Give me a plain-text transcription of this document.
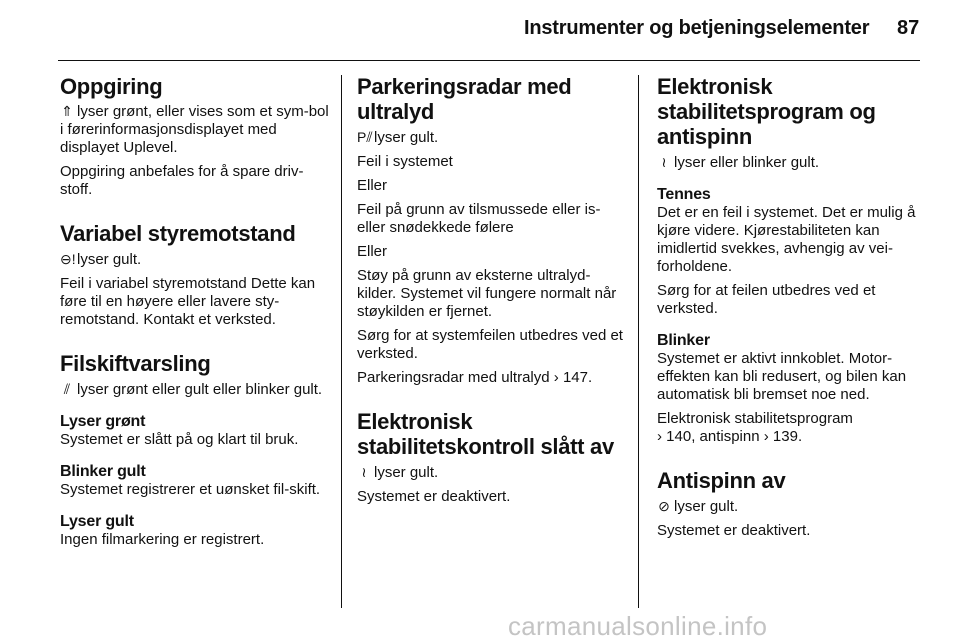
Instrumenter og betjeningselementer 87
Oppgiring

⇑ lyser grønt, eller vises som et sym-bol i førerinformasjonsdisplayet med displayet Uplevel.

Oppgiring anbefales for å spare driv-stoff.

Variabel styremotstand

⊖!lyser gult.

Feil i variabel styremotstand Dette kan føre til en høyere eller lavere sty-remotstand. Kontakt et verksted.

Filskiftvarsling

⫽ lyser grønt eller gult eller blinker gult.

Lyser grønt

Systemet er slått på og klart til bruk.

Blinker gult

Systemet registrerer et uønsket fil-skift.

Lyser gult

Ingen filmarkering er registrert.

Parkeringsradar med ultralyd

P⫽lyser gult.

Feil i systemet

Eller

Feil på grunn av tilsmussede eller is-eller snødekkede følere

Eller

Støy på grunn av eksterne ultralyd-kilder. Systemet vil fungere normalt når støykilden er fjernet.

Sørg for at systemfeilen utbedres ved et verksted.

Parkeringsradar med ultralyd › 147.

Elektronisk stabilitetskontroll slått av

≀ lyser gult.

Systemet er deaktivert.

Elektronisk stabilitetsprogram og antispinn

≀ lyser eller blinker gult.

Tennes

Det er en feil i systemet. Det er mulig å kjøre videre. Kjørestabiliteten kan imidlertid svekkes, avhengig av vei-forholdene.

Sørg for at feilen utbedres ved et verksted.

Blinker

Systemet er aktivt innkoblet. Motor-effekten kan bli redusert, og bilen kan automatisk bli bremset noe ned.

Elektronisk stabilitetsprogram

› 140, antispinn › 139.

Antispinn av

⊘ lyser gult.

Systemet er deaktivert.

carmanualsonline.info
